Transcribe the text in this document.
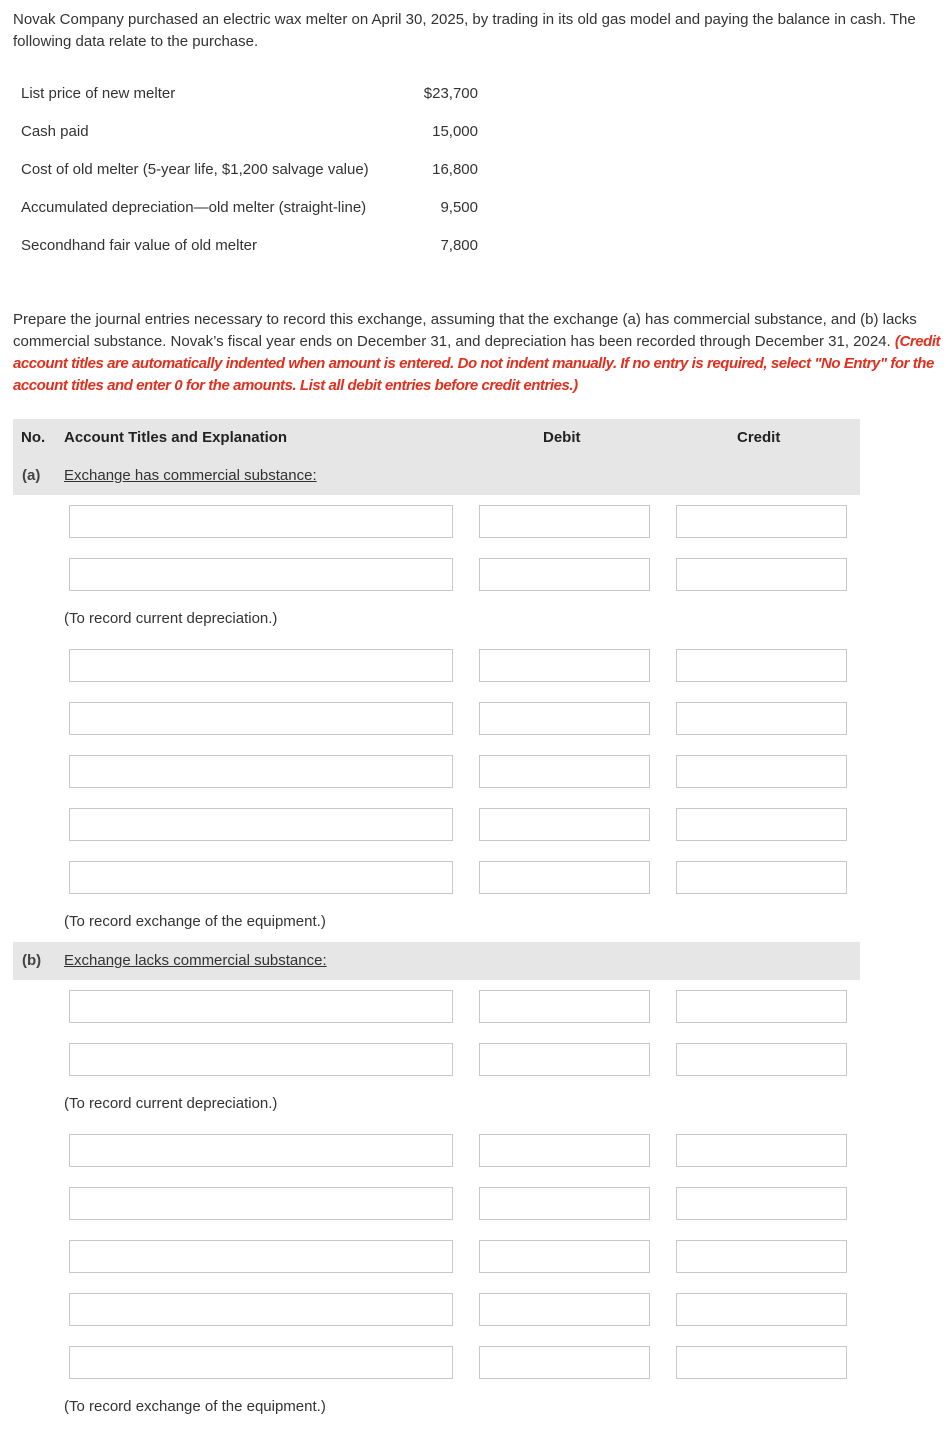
Novak Company purchased an electric wax melter on April 30, 2025, by trading in its old gas model and paying the balance in cash. The following data relate to the purchase.
List price of new melter	$23,700
Cash paid	15,000
Cost of old melter (5-year life, $1,200 salvage value)	16,800
Accumulated depreciation—old melter (straight-line)	9,500
Secondhand fair value of old melter	7,800
Prepare the journal entries necessary to record this exchange, assuming that the exchange (a) has commercial substance, and (b) lacks commercial substance. Novak’s fiscal year ends on December 31, and depreciation has been recorded through December 31, 2024. (Credit account titles are automatically indented when amount is entered. Do not indent manually. If no entry is required, select "No Entry" for the account titles and enter 0 for the amounts. List all debit entries before credit entries.)
No. Account Titles and Explanation	Debit	Credit
(a) Exchange has commercial substance:
(To record current depreciation.)
(To record exchange of the equipment.)
(b) Exchange lacks commercial substance:
(To record current depreciation.)
(To record exchange of the equipment.)
